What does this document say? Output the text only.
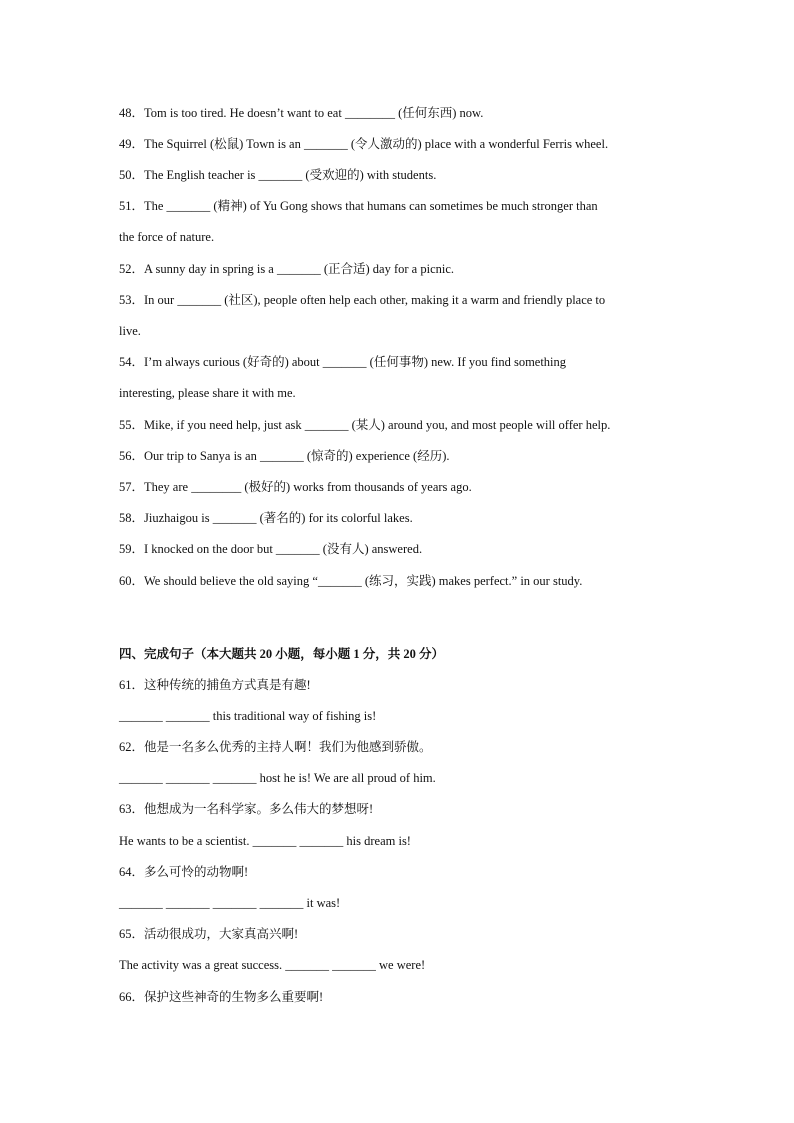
48．Tom is too tired. He doesn’t want to eat ________ (任何东西) now.
49．The Squirrel (松鼠) Town is an _______ (令人激动的) place with a wonderful Ferris wheel.
50．The English teacher is _______ (受欢迎的) with students.
51．The _______ (精神) of Yu Gong shows that humans can sometimes be much stronger than
the force of nature.
52．A sunny day in spring is a _______ (正合适) day for a picnic.
53．In our _______ (社区), people often help each other, making it a warm and friendly place to
live.
54．I’m always curious (好奇的) about _______ (任何事物) new. If you find something
interesting, please share it with me.
55．Mike, if you need help, just ask _______ (某人) around you, and most people will offer help.
56．Our trip to Sanya is an _______ (惊奇的) experience (经历).
57．They are ________ (极好的) works from thousands of years ago.
58．Jiuzhaigou is _______ (著名的) for its colorful lakes.
59．I knocked on the door but _______ (没有人) answered.
60．We should believe the old saying “_______ (练习，实践) makes perfect.” in our study.
四、完成句子（本大题共 20 小题，每小题 1 分，共 20 分）
61．这种传统的捕鱼方式真是有趣!
_______ _______ this traditional way of fishing is!
62．他是一名多么优秀的主持人啊！我们为他感到骄傲。
_______ _______ _______ host he is! We are all proud of him.
63．他想成为一名科学家。多么伟大的梦想呀!
He wants to be a scientist. _______ _______ his dream is!
64．多么可怜的动物啊!
_______ _______ _______ _______ it was!
65．活动很成功，大家真高兴啊!
The activity was a great success. _______ _______ we were!
66．保护这些神奇的生物多么重要啊!
